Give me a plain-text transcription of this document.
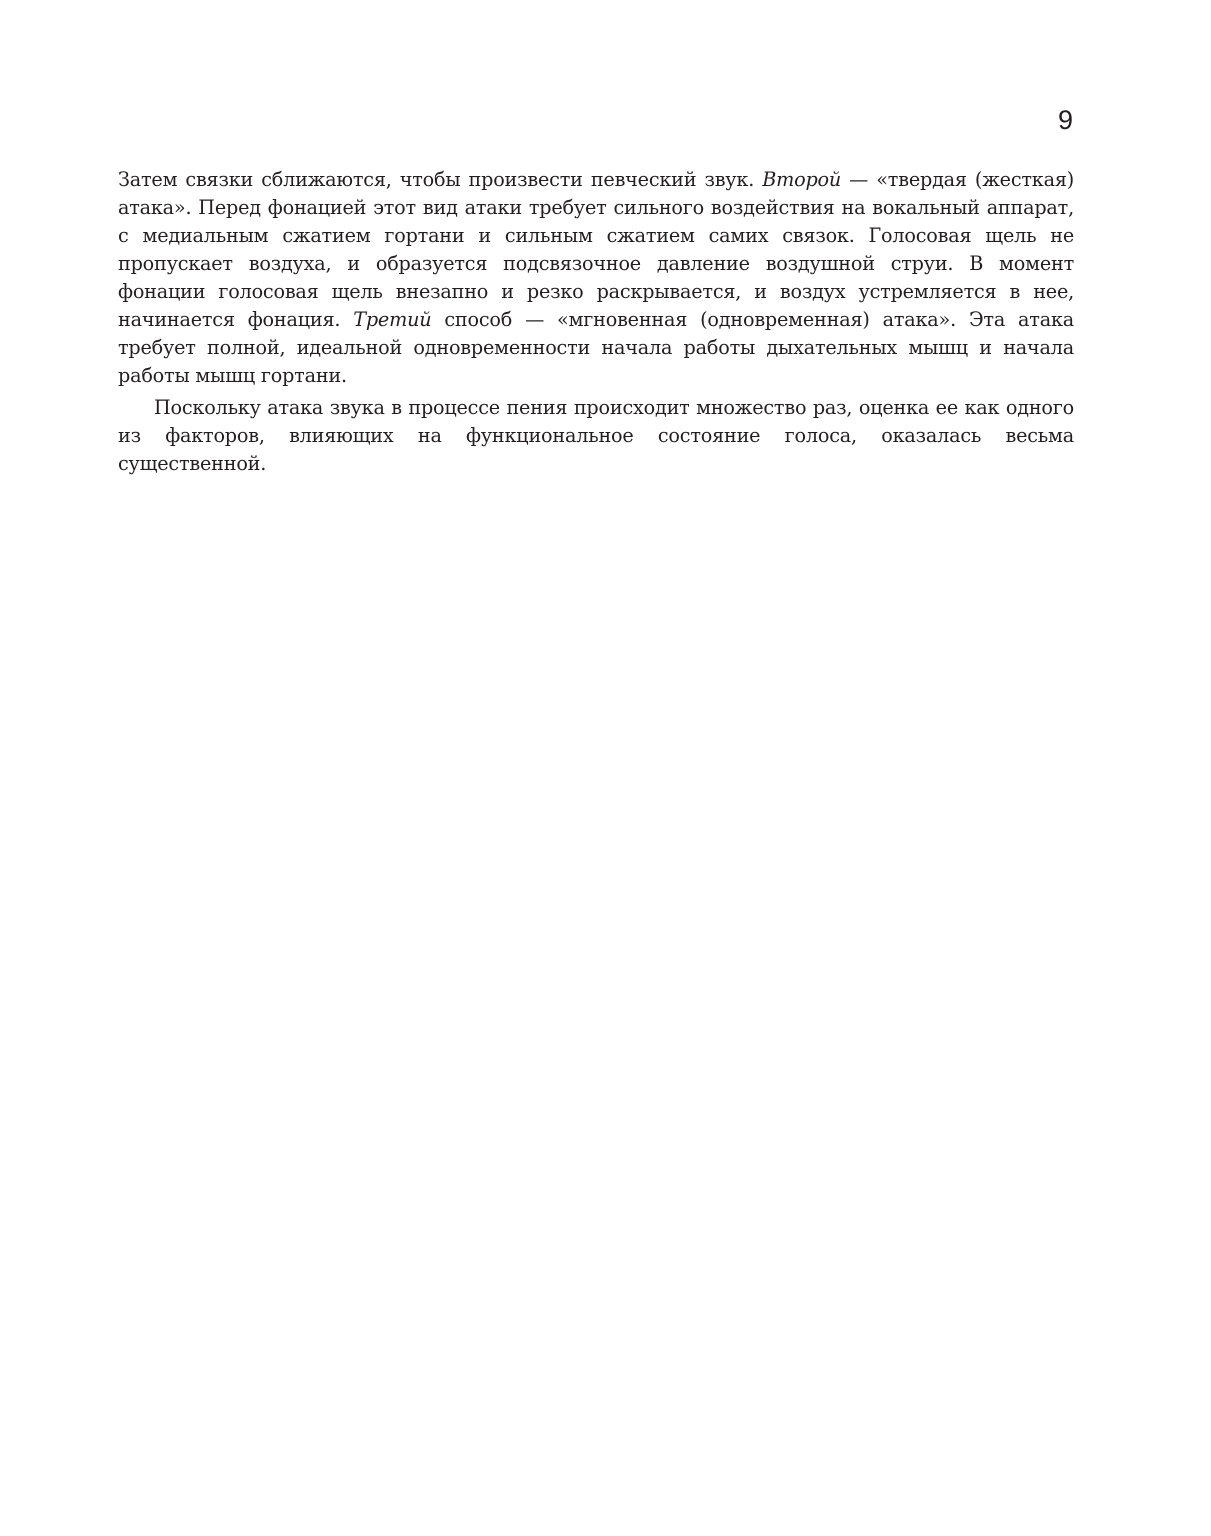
9

Затем связки сближаются, чтобы произвести певческий звук. Второй — «твердая (жесткая) атака». Перед фонацией этот вид атаки требует сильного воздействия на вокальный аппарат, с медиальным сжатием гортани и сильным сжатием самих связок. Голосовая щель не пропускает воздуха, и образуется подсвязочное давление воздушной струи. В момент фонации голосовая щель внезапно и резко раскрывается, и воздух устремляется в нее, начинается фонация. Третий способ — «мгновенная (одновременная) атака». Эта атака требует полной, идеальной одновременности начала работы дыхательных мышц и начала работы мышц гортани.

Поскольку атака звука в процессе пения происходит множество раз, оценка ее как одного из факторов, влияющих на функциональное состояние голоса, оказалась весьма существенной.
